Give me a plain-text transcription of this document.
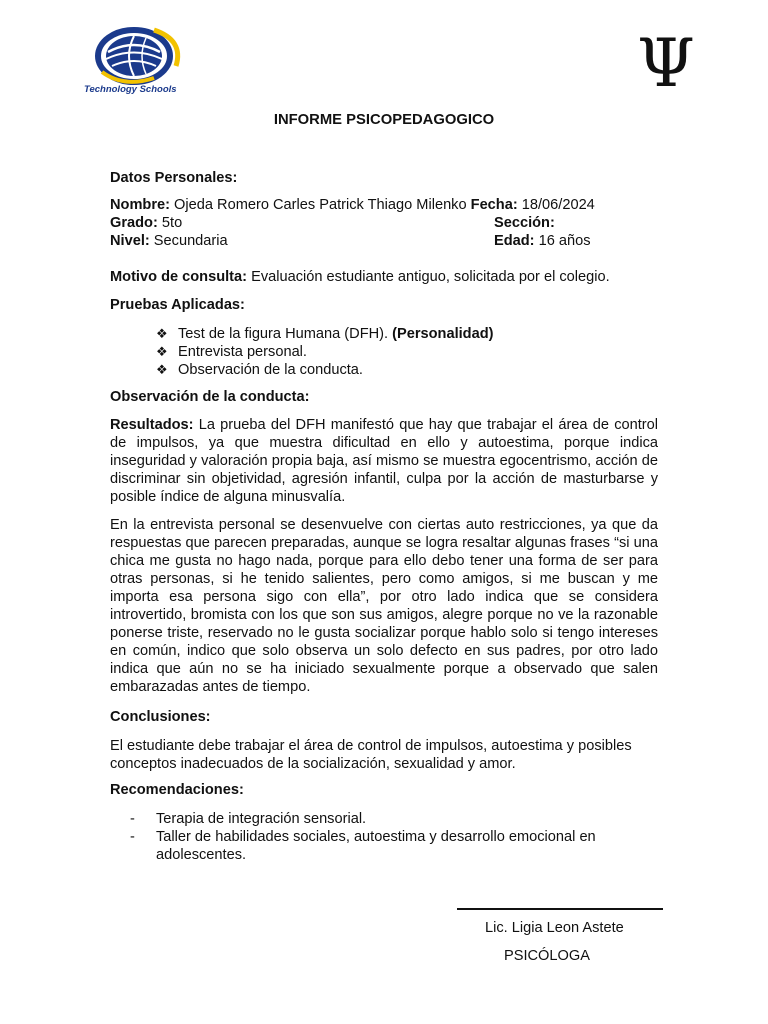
Technology Schools	Ψ
INFORME PSICOPEDAGOGICO
Datos Personales:
Nombre: Ojeda Romero Carles Patrick Thiago Milenko Fecha: 18/06/2024
Grado: 5to	Sección:
Nivel: Secundaria	Edad: 16 años
Motivo de consulta: Evaluación estudiante antiguo, solicitada por el colegio.
Pruebas Aplicadas:
❖ Test de la figura Humana (DFH). (Personalidad)
❖ Entrevista personal.
❖ Observación de la conducta.
Observación de la conducta:
Resultados: La prueba del DFH manifestó que hay que trabajar el área de control de impulsos, ya que muestra dificultad en ello y autoestima, porque indica inseguridad y valoración propia baja, así mismo se muestra egocentrismo, acción de discriminar sin objetividad, agresión infantil, culpa por la acción de masturbarse y posible índice de alguna minusvalía.
En la entrevista personal se desenvuelve con ciertas auto restricciones, ya que da respuestas que parecen preparadas, aunque se logra resaltar algunas frases “si una chica me gusta no hago nada, porque para ello debo tener una forma de ser para otras personas, si he tenido salientes, pero como amigos, si me buscan y me importa esa persona sigo con ella”, por otro lado indica que se considera introvertido, bromista con los que son sus amigos, alegre porque no ve la razonable ponerse triste, reservado no le gusta socializar porque hablo solo si tengo intereses en común, indico que solo observa un solo defecto en sus padres, por otro lado indica que aún no se ha iniciado sexualmente porque a observado que salen embarazadas antes de tiempo.
Conclusiones:
El estudiante debe trabajar el área de control de impulsos, autoestima y posibles conceptos inadecuados de la socialización, sexualidad y amor.
Recomendaciones:
- Terapia de integración sensorial.
- Taller de habilidades sociales, autoestima y desarrollo emocional en adolescentes.
Lic. Ligia Leon Astete
PSICÓLOGA
